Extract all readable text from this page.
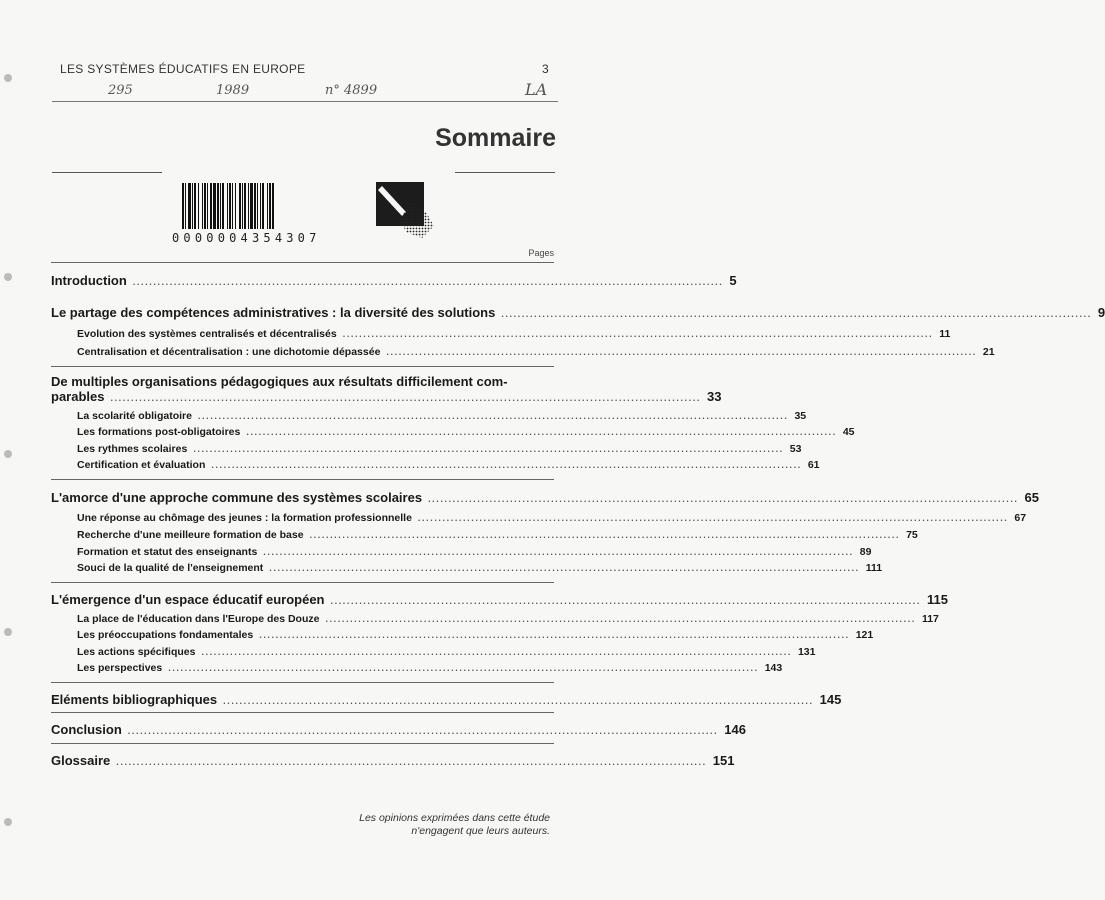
LES SYSTÈMES ÉDUCATIFS EN EUROPE	3
295	1989	n° 4899	LA
Sommaire
0000004354307
Pages
Introduction ................................................................................................................................................ 5
Le partage des compétences administratives : la diversité des solutions ................................................................................................................................................ 9
Evolution des systèmes centralisés et décentralisés ................................................................................................................................................ 11
Centralisation et décentralisation : une dichotomie dépassée ................................................................................................................................................ 21
De multiples organisations pédagogiques aux résultats difficilement com-
parables ................................................................................................................................................ 33
La scolarité obligatoire ................................................................................................................................................ 35
Les formations post-obligatoires ................................................................................................................................................ 45
Les rythmes scolaires ................................................................................................................................................ 53
Certification et évaluation ................................................................................................................................................ 61
L'amorce d'une approche commune des systèmes scolaires ................................................................................................................................................ 65
Une réponse au chômage des jeunes : la formation professionnelle ................................................................................................................................................ 67
Recherche d'une meilleure formation de base ................................................................................................................................................ 75
Formation et statut des enseignants ................................................................................................................................................ 89
Souci de la qualité de l'enseignement ................................................................................................................................................ 111
L'émergence d'un espace éducatif européen ................................................................................................................................................ 115
La place de l'éducation dans l'Europe des Douze ................................................................................................................................................ 117
Les préoccupations fondamentales ................................................................................................................................................ 121
Les actions spécifiques ................................................................................................................................................ 131
Les perspectives ................................................................................................................................................ 143
Eléments bibliographiques ................................................................................................................................................ 145
Conclusion ................................................................................................................................................ 146
Glossaire ................................................................................................................................................ 151
Les opinions exprimées dans cette étude
n'engagent que leurs auteurs.
